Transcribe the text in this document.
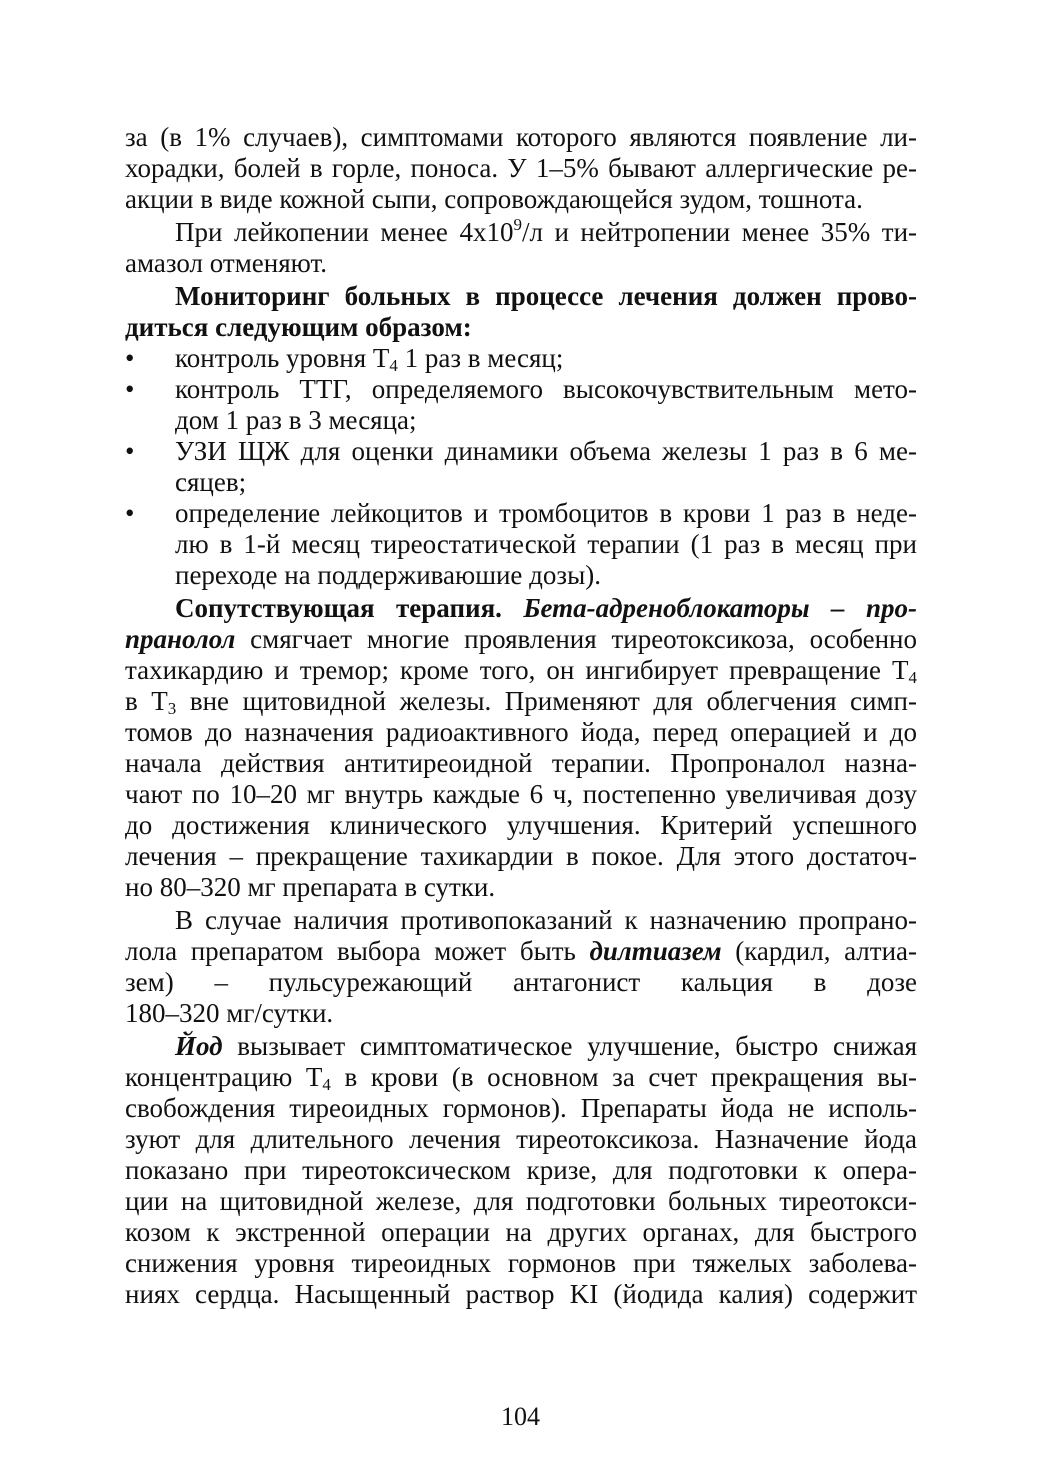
за (в 1% случаев), симптомами которого являются появление ли-
хорадки, болей в горле, поноса. У 1–5% бывают аллергические ре-
акции в виде кожной сыпи, сопровождающейся зудом, тошнота.
При лейкопении менее $4х10^9/л$ и нейтропении менее 35% ти-
амазол отменяют.
Мониторинг больных в процессе лечения должен прово-
диться следующим образом:
• контроль уровня $Т_4$ 1 раз в месяц;
• контроль ТТГ, определяемого высокочувствительным мето-
дом 1 раз в 3 месяца;
• УЗИ ЩЖ для оценки динамики объема железы 1 раз в 6 ме-
сяцев;
• определение лейкоцитов и тромбоцитов в крови 1 раз в неде-
лю в 1-й месяц тиреостатической терапии (1 раз в месяц при
переходе на поддерживаюшие дозы).
Сопутствующая терапия. Бета-адреноблокаторы – про-
пранолол смягчает многие проявления тиреотоксикоза, особенно
тахикардию и тремор; кроме того, он ингибирует превращение $Т_4$
в $Т_3$ вне щитовидной железы. Применяют для облегчения симп-
томов до назначения радиоактивного йода, перед операцией и до
начала действия антитиреоидной терапии. Пропроналол назна-
чают по 10–20 мг внутрь каждые 6 ч, постепенно увеличивая дозу
до достижения клинического улучшения. Критерий успешного
лечения – прекращение тахикардии в покое. Для этого достаточ-
но 80–320 мг препарата в сутки.
В случае наличия противопоказаний к назначению пропрано-
лола препаратом выбора может быть дилтиазем (кардил, алтиа-
зем) – пульсурежающий антагонист кальция в дозе
180–320 мг/сутки.
Йод вызывает симптоматическое улучшение, быстро снижая
концентрацию $Т_4$ в крови (в основном за счет прекращения вы-
свобождения тиреоидных гормонов). Препараты йода не исполь-
зуют для длительного лечения тиреотоксикоза. Назначение йода
показано при тиреотоксическом кризе, для подготовки к опера-
ции на щитовидной железе, для подготовки больных тиреотокси-
козом к экстренной операции на других органах, для быстрого
снижения уровня тиреоидных гормонов при тяжелых заболева-
ниях сердца. Насыщенный раствор KI (йодида калия) содержит
104
